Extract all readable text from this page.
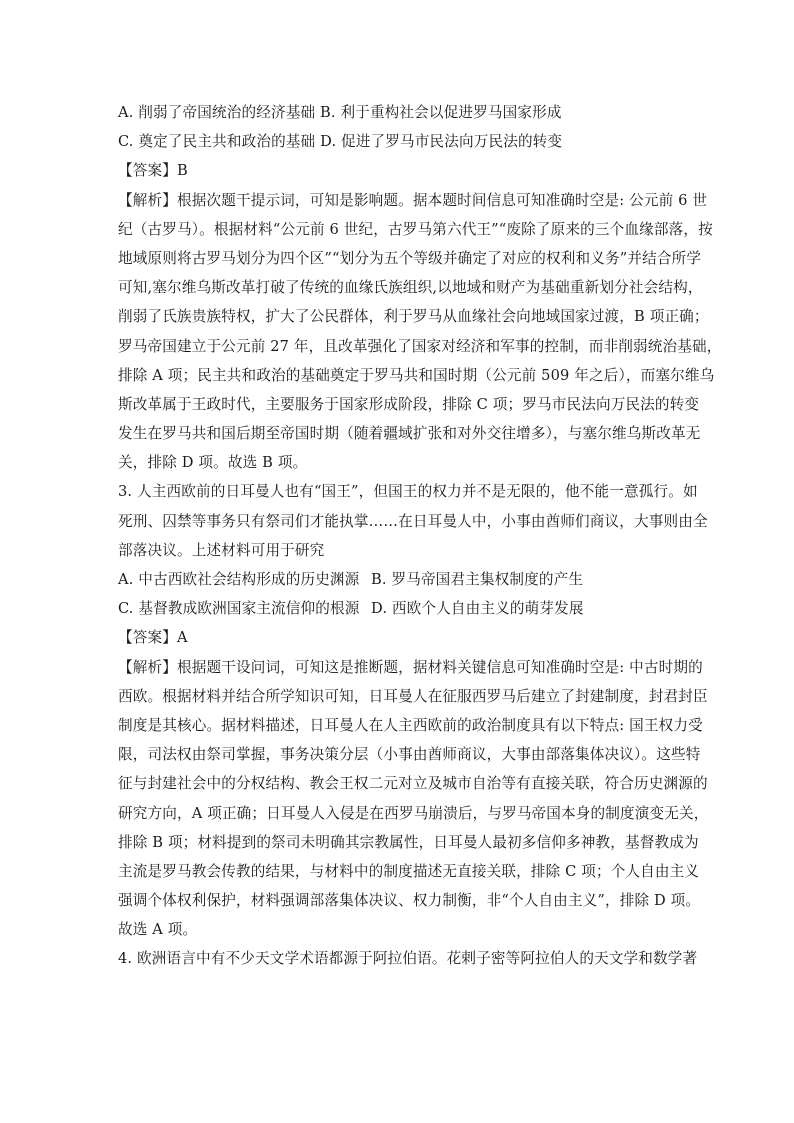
A. 削弱了帝国统治的经济基础 B. 利于重构社会以促进罗马国家形成
C. 奠定了民主共和政治的基础 D. 促进了罗马市民法向万民法的转变
【答案】B
【解析】根据次题干提示词，可知是影响题。据本题时间信息可知准确时空是: 公元前 6 世
纪（古罗马）。根据材料“公元前 6 世纪，古罗马第六代王”“废除了原来的三个血缘部落，按
地域原则将古罗马划分为四个区”“划分为五个等级并确定了对应的权利和义务”并结合所学
可知,塞尔维乌斯改革打破了传统的血缘氏族组织,以地域和财产为基础重新划分社会结构，
削弱了氏族贵族特权，扩大了公民群体，利于罗马从血缘社会向地域国家过渡，B 项正确；
罗马帝国建立于公元前 27 年，且改革强化了国家对经济和军事的控制，而非削弱统治基础，
排除 A 项；民主共和政治的基础奠定于罗马共和国时期（公元前 509 年之后），而塞尔维乌
斯改革属于王政时代，主要服务于国家形成阶段，排除 C 项；罗马市民法向万民法的转变
发生在罗马共和国后期至帝国时期（随着疆域扩张和对外交往增多），与塞尔维乌斯改革无
关，排除 D 项。故选 B 项。
3. 人主西欧前的日耳曼人也有“国王”，但国王的权力并不是无限的，他不能一意孤行。如
死刑、囚禁等事务只有祭司们才能执掌……在日耳曼人中，小事由酋师们商议，大事则由全
部落决议。上述材料可用于研究
A. 中古西欧社会结构形成的历史渊源 B. 罗马帝国君主集权制度的产生
C. 基督教成欧洲国家主流信仰的根源 D. 西欧个人自由主义的萌芽发展
【答案】A
【解析】根据题干设问词，可知这是推断题，据材料关键信息可知准确时空是: 中古时期的
西欧。根据材料并结合所学知识可知，日耳曼人在征服西罗马后建立了封建制度，封君封臣
制度是其核心。据材料描述，日耳曼人在人主西欧前的政治制度具有以下特点: 国王权力受
限，司法权由祭司掌握，事务决策分层（小事由酋师商议，大事由部落集体决议）。这些特
征与封建社会中的分权结构、教会王权二元对立及城市自治等有直接关联，符合历史渊源的
研究方向，A 项正确；日耳曼人入侵是在西罗马崩溃后，与罗马帝国本身的制度演变无关，
排除 B 项；材料提到的祭司未明确其宗教属性，日耳曼人最初多信仰多神教，基督教成为
主流是罗马教会传教的结果，与材料中的制度描述无直接关联，排除 C 项；个人自由主义
强调个体权利保护，材料强调部落集体决议、权力制衡，非“个人自由主义”，排除 D 项。
故选 A 项。
4. 欧洲语言中有不少天文学术语都源于阿拉伯语。花剌子密等阿拉伯人的天文学和数学著
